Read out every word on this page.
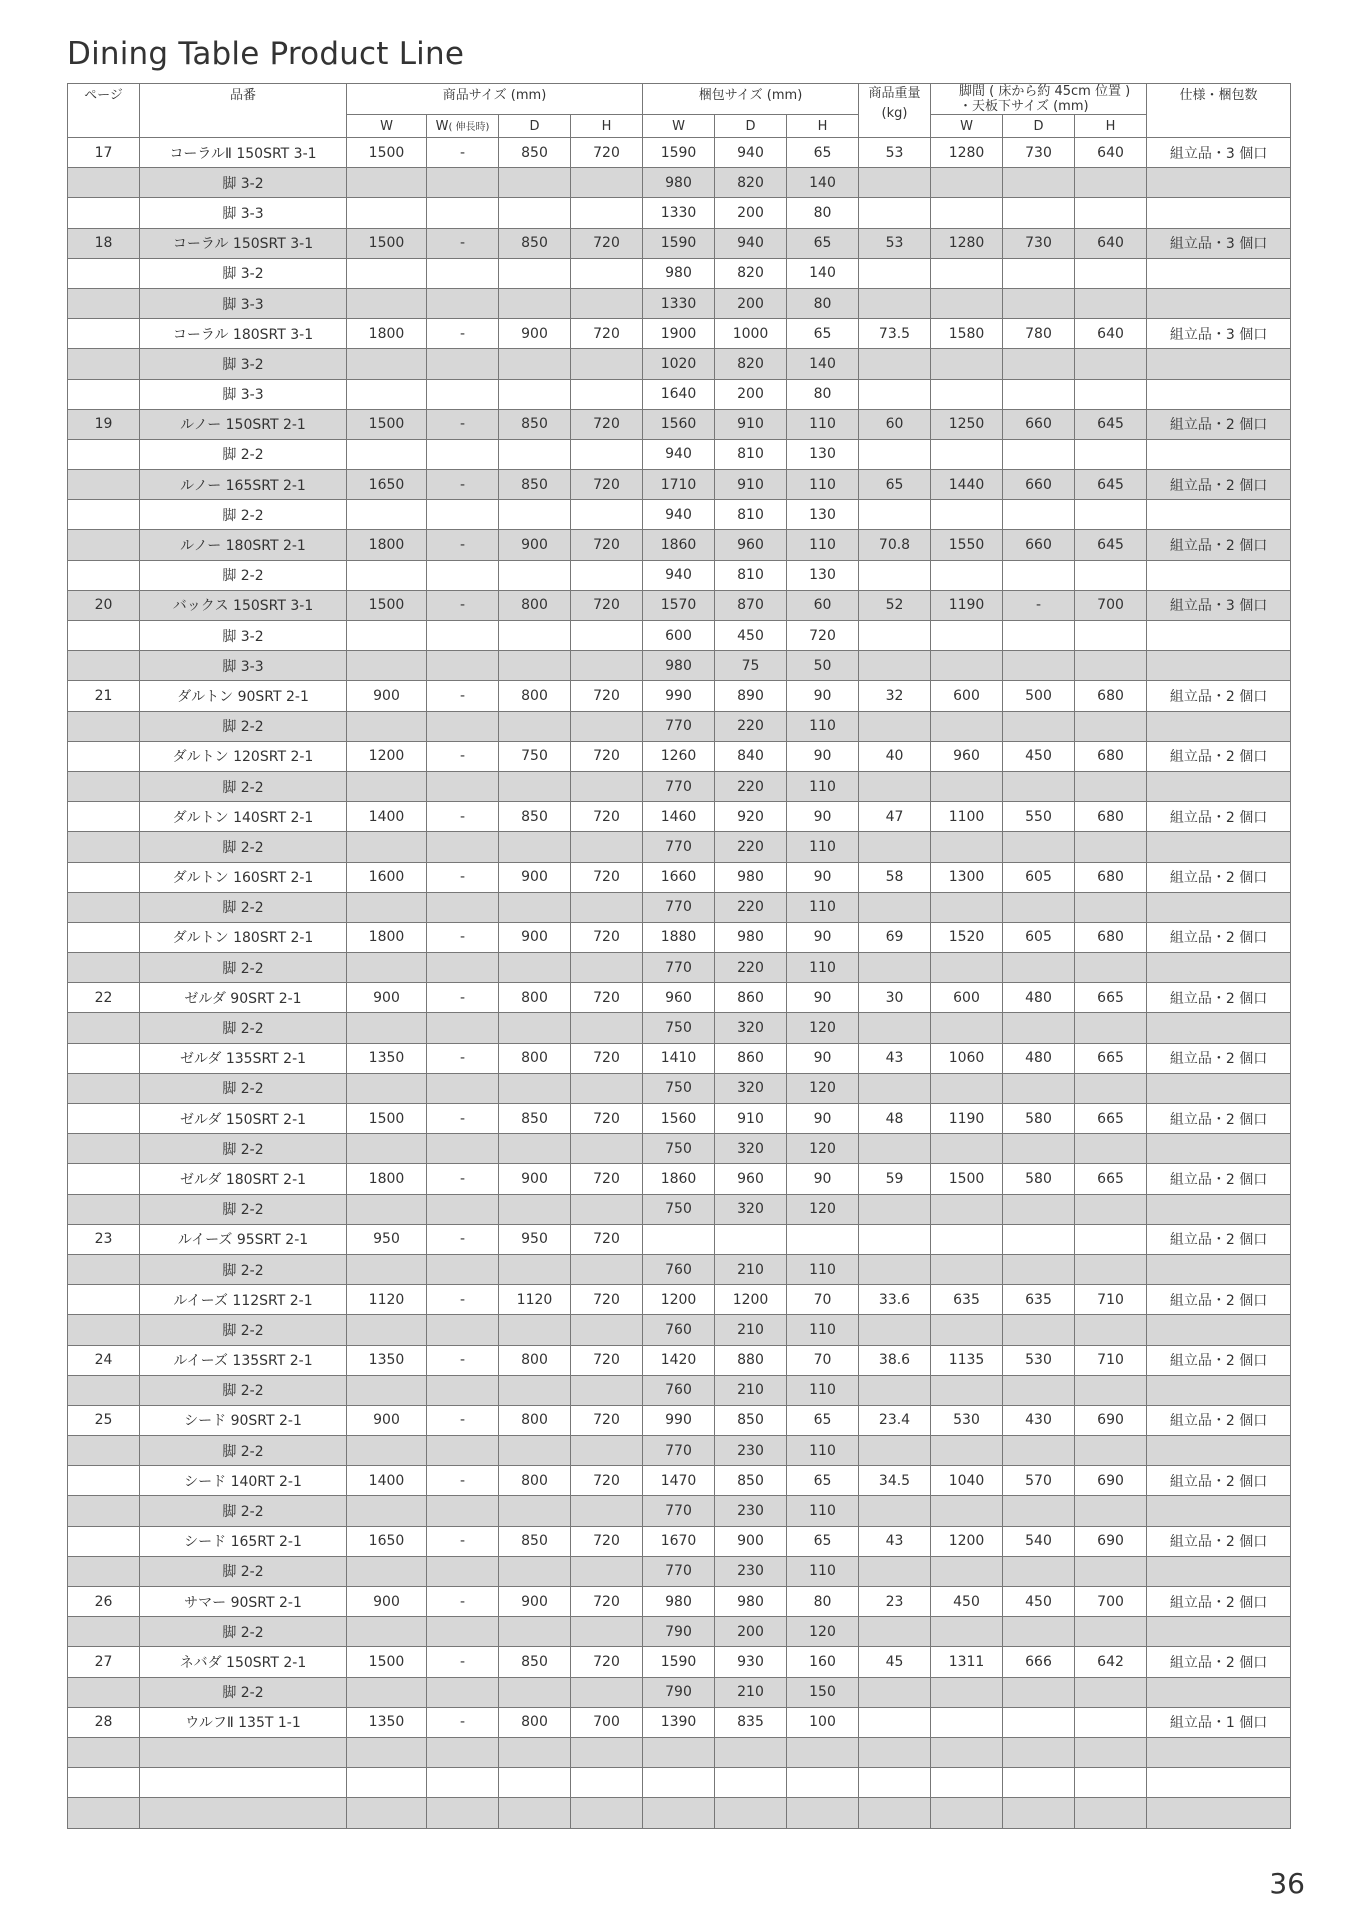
Dining Table Product Line
ページ	品番	商品サイズ (mm)				梱包サイズ (mm)			商品重量
(kg)	脚間 ( 床から約 45cm 位置 )
・天板下サイズ (mm)			仕様・梱包数
		W	W( 伸長時)	D	H	W	D	H		W	D	H	
17	コーラルⅡ 150SRT 3-1	1500	-	850	720	1590	940	65	53	1280	730	640	組立品・3 個口
	脚 3-2					980	820	140					
	脚 3-3					1330	200	80					
18	コーラル 150SRT 3-1	1500	-	850	720	1590	940	65	53	1280	730	640	組立品・3 個口
	脚 3-2					980	820	140					
	脚 3-3					1330	200	80					
	コーラル 180SRT 3-1	1800	-	900	720	1900	1000	65	73.5	1580	780	640	組立品・3 個口
	脚 3-2					1020	820	140					
	脚 3-3					1640	200	80					
19	ルノー 150SRT 2-1	1500	-	850	720	1560	910	110	60	1250	660	645	組立品・2 個口
	脚 2-2					940	810	130					
	ルノー 165SRT 2-1	1650	-	850	720	1710	910	110	65	1440	660	645	組立品・2 個口
	脚 2-2					940	810	130					
	ルノー 180SRT 2-1	1800	-	900	720	1860	960	110	70.8	1550	660	645	組立品・2 個口
	脚 2-2					940	810	130					
20	バックス 150SRT 3-1	1500	-	800	720	1570	870	60	52	1190	-	700	組立品・3 個口
	脚 3-2					600	450	720					
	脚 3-3					980	75	50					
21	ダルトン 90SRT 2-1	900	-	800	720	990	890	90	32	600	500	680	組立品・2 個口
	脚 2-2					770	220	110					
	ダルトン 120SRT 2-1	1200	-	750	720	1260	840	90	40	960	450	680	組立品・2 個口
	脚 2-2					770	220	110					
	ダルトン 140SRT 2-1	1400	-	850	720	1460	920	90	47	1100	550	680	組立品・2 個口
	脚 2-2					770	220	110					
	ダルトン 160SRT 2-1	1600	-	900	720	1660	980	90	58	1300	605	680	組立品・2 個口
	脚 2-2					770	220	110					
	ダルトン 180SRT 2-1	1800	-	900	720	1880	980	90	69	1520	605	680	組立品・2 個口
	脚 2-2					770	220	110					
22	ゼルダ 90SRT 2-1	900	-	800	720	960	860	90	30	600	480	665	組立品・2 個口
	脚 2-2					750	320	120					
	ゼルダ 135SRT 2-1	1350	-	800	720	1410	860	90	43	1060	480	665	組立品・2 個口
	脚 2-2					750	320	120					
	ゼルダ 150SRT 2-1	1500	-	850	720	1560	910	90	48	1190	580	665	組立品・2 個口
	脚 2-2					750	320	120					
	ゼルダ 180SRT 2-1	1800	-	900	720	1860	960	90	59	1500	580	665	組立品・2 個口
	脚 2-2					750	320	120					
23	ルイーズ 95SRT 2-1	950	-	950	720								組立品・2 個口
	脚 2-2					760	210	110					
	ルイーズ 112SRT 2-1	1120	-	1120	720	1200	1200	70	33.6	635	635	710	組立品・2 個口
	脚 2-2					760	210	110					
24	ルイーズ 135SRT 2-1	1350	-	800	720	1420	880	70	38.6	1135	530	710	組立品・2 個口
	脚 2-2					760	210	110					
25	シード 90SRT 2-1	900	-	800	720	990	850	65	23.4	530	430	690	組立品・2 個口
	脚 2-2					770	230	110					
	シード 140RT 2-1	1400	-	800	720	1470	850	65	34.5	1040	570	690	組立品・2 個口
	脚 2-2					770	230	110					
	シード 165RT 2-1	1650	-	850	720	1670	900	65	43	1200	540	690	組立品・2 個口
	脚 2-2					770	230	110					
26	サマー 90SRT 2-1	900	-	900	720	980	980	80	23	450	450	700	組立品・2 個口
	脚 2-2					790	200	120					
27	ネバダ 150SRT 2-1	1500	-	850	720	1590	930	160	45	1311	666	642	組立品・2 個口
	脚 2-2					790	210	150					
28	ウルフⅡ 135T 1-1	1350	-	800	700	1390	835	100					組立品・1 個口

36
